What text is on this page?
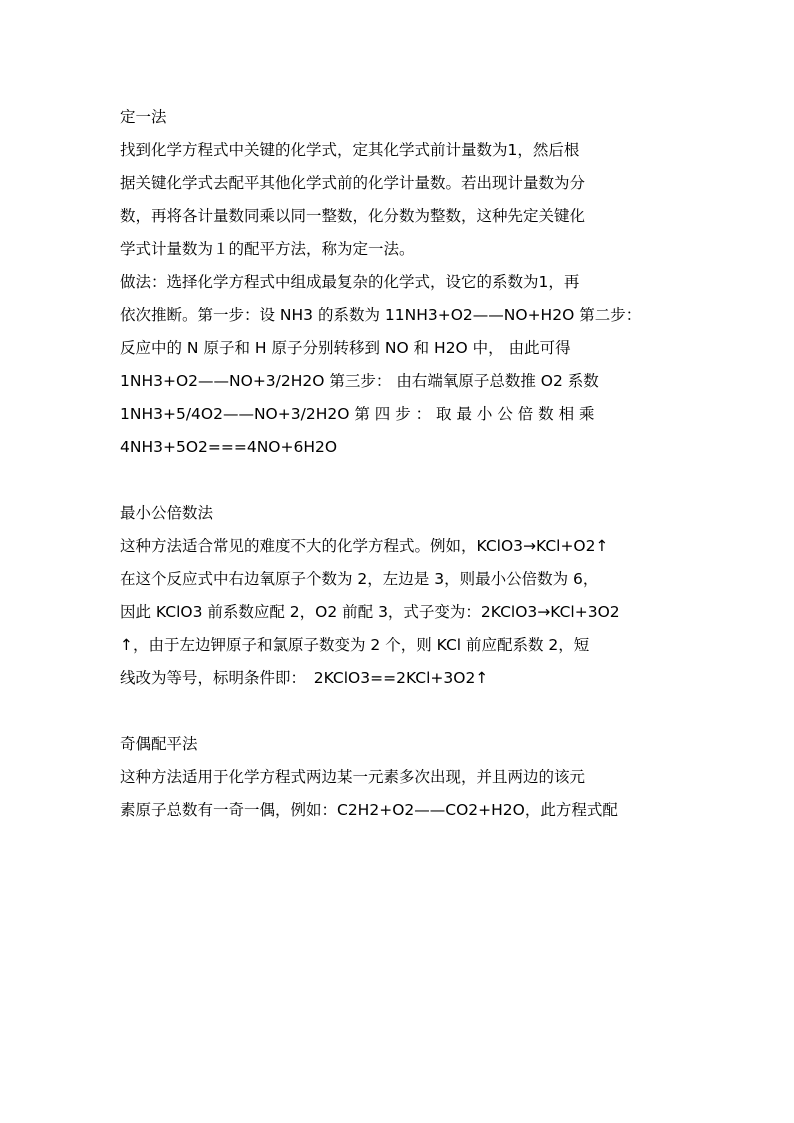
定一法
找到化学方程式中关键的化学式，定其化学式前计量数为1，然后根
据关键化学式去配平其他化学式前的化学计量数。若出现计量数为分
数，再将各计量数同乘以同一整数，化分数为整数，这种先定关键化
学式计量数为１的配平方法，称为定一法。
做法：选择化学方程式中组成最复杂的化学式，设它的系数为1，再
依次推断。第一步：设 NH3 的系数为 11NH3+O2——NO+H2O 第二步：
反应中的 N 原子和 H 原子分别转移到 NO 和 H2O 中， 由此可得
1NH3+O2——NO+3/2H2O 第三步： 由右端氧原子总数推 O2 系数
1NH3+5/4O2——NO+3/2H2O 第 四 步 ： 取 最 小 公 倍 数 相 乘
4NH3+5O2===4NO+6H2O
最小公倍数法
这种方法适合常见的难度不大的化学方程式。例如，KClO3→KCl+O2↑
在这个反应式中右边氧原子个数为 2，左边是 3，则最小公倍数为 6，
因此 KClO3 前系数应配 2，O2 前配 3，式子变为：2KClO3→KCl+3O2
↑，由于左边钾原子和氯原子数变为 2 个，则 KCl 前应配系数 2，短
线改为等号，标明条件即：　2KClO3==2KCl+3O2↑
奇偶配平法
这种方法适用于化学方程式两边某一元素多次出现，并且两边的该元
素原子总数有一奇一偶，例如：C2H2+O2——CO2+H2O，此方程式配
